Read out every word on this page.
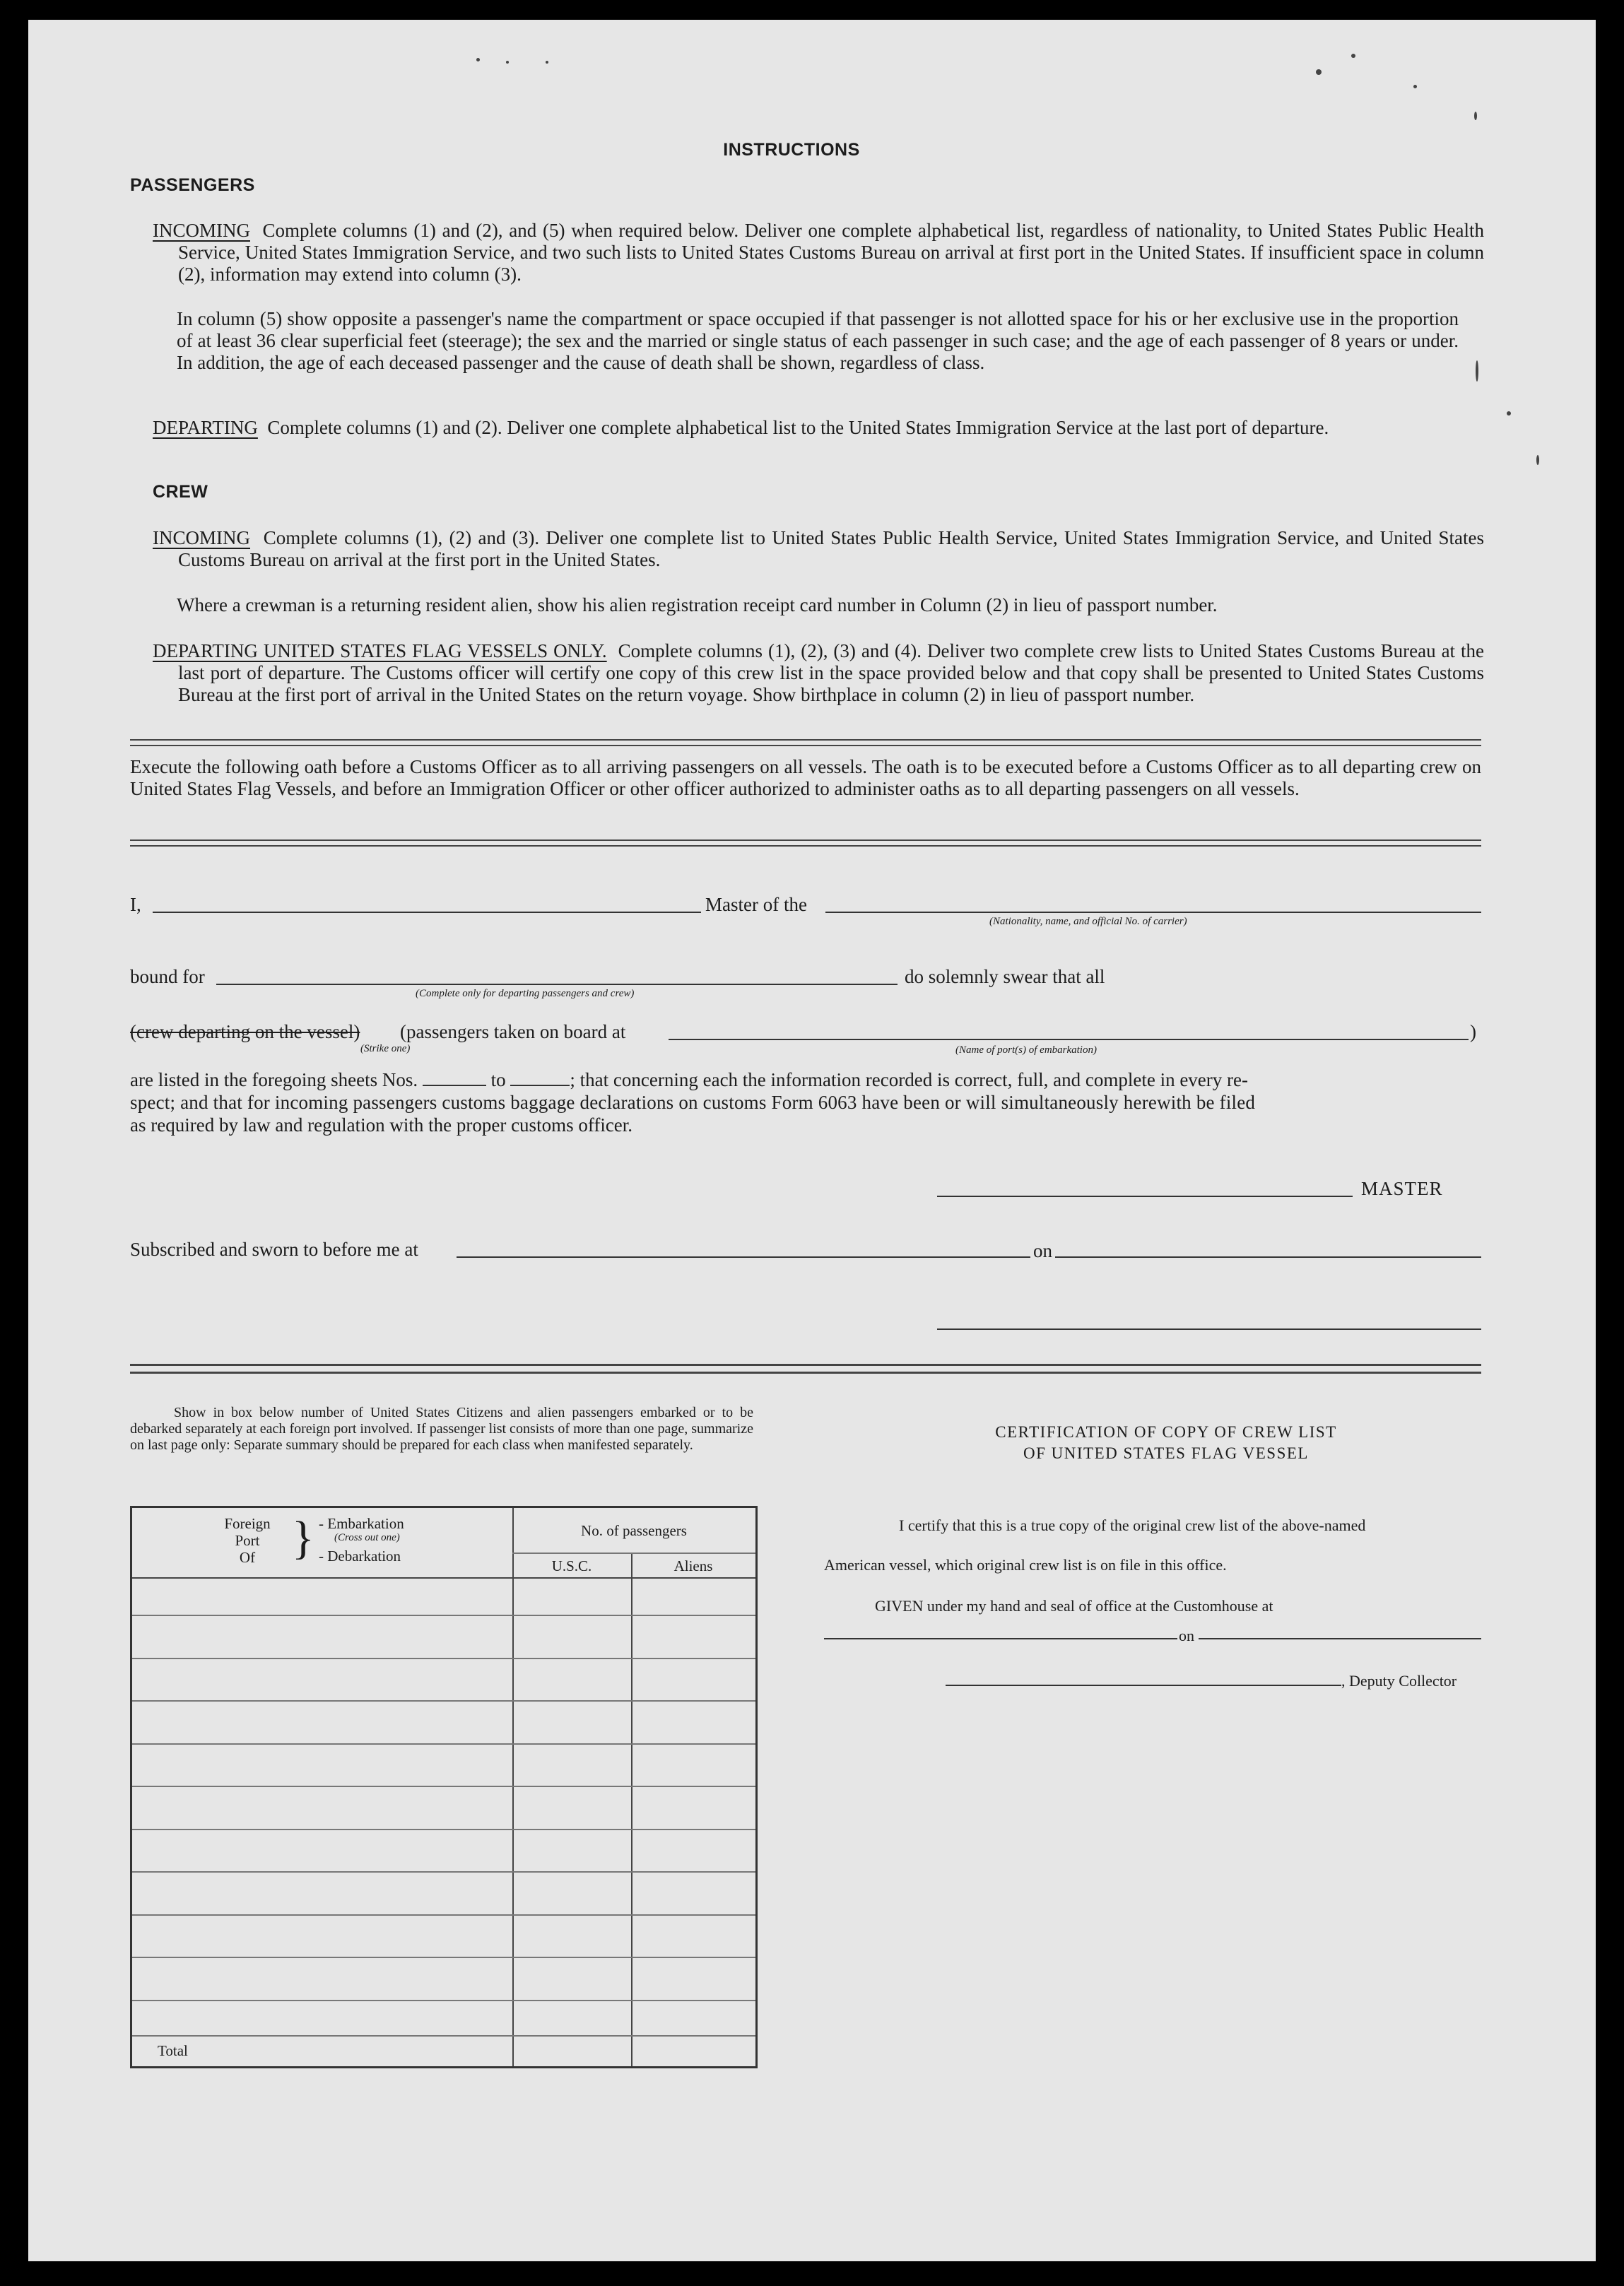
INSTRUCTIONS
PASSENGERS
INCOMING Complete columns (1) and (2), and (5) when required below. Deliver one complete alphabetical list, regardless of nationality, to United States Public Health Service, United States Immigration Service, and two such lists to United States Customs Bureau on arrival at first port in the United States. If insufficient space in column (2), information may extend into column (3).
In column (5) show opposite a passenger's name the compartment or space occupied if that passenger is not allotted space for his or her exclusive use in the proportion of at least 36 clear superficial feet (steerage); the sex and the married or single status of each passenger in such case; and the age of each passenger of 8 years or under. In addition, the age of each deceased passenger and the cause of death shall be shown, regardless of class.
DEPARTING Complete columns (1) and (2). Deliver one complete alphabetical list to the United States Immigration Service at the last port of departure.
CREW
INCOMING Complete columns (1), (2) and (3). Deliver one complete list to United States Public Health Service, United States Immigration Service, and United States Customs Bureau on arrival at the first port in the United States.
Where a crewman is a returning resident alien, show his alien registration receipt card number in Column (2) in lieu of passport number.
DEPARTING UNITED STATES FLAG VESSELS ONLY. Complete columns (1), (2), (3) and (4). Deliver two complete crew lists to United States Customs Bureau at the last port of departure. The Customs officer will certify one copy of this crew list in the space provided below and that copy shall be presented to United States Customs Bureau at the first port of arrival in the United States on the return voyage. Show birthplace in column (2) in lieu of passport number.
Execute the following oath before a Customs Officer as to all arriving passengers on all vessels. The oath is to be executed before a Customs Officer as to all departing crew on United States Flag Vessels, and before an Immigration Officer or other officer authorized to administer oaths as to all departing passengers on all vessels.
I,	Master of the
(Nationality, name, and official No. of carrier)
bound for
(Complete only for departing passengers and crew)
do solemnly swear that all
(crew departing on the vessel)
(Strike one)
(passengers taken on board at	)
(Name of port(s) of embarkation)
are listed in the foregoing sheets Nos.	to	; that concerning each the information recorded is correct, full, and complete in every re-
spect; and that for incoming passengers customs baggage declarations on customs Form 6063 have been or will simultaneously herewith be filed
as required by law and regulation with the proper customs officer.
MASTER
Subscribed and sworn to before me at	on
Show in box below number of United States Citizens and alien passengers embarked or to be debarked separately at each foreign port involved. If passenger list consists of more than one page, summarize on last page only: Separate summary should be prepared for each class when manifested separately.
Foreign
Port
Of } - Embarkation
(Cross out one)
- Debarkation
No. of passengers
U.S.C.	Aliens
Total
CERTIFICATION OF COPY OF CREW LIST
OF UNITED STATES FLAG VESSEL
I certify that this is a true copy of the original crew list of the above-named
American vessel, which original crew list is on file in this office.
GIVEN under my hand and seal of office at the Customhouse at
on
, Deputy Collector
